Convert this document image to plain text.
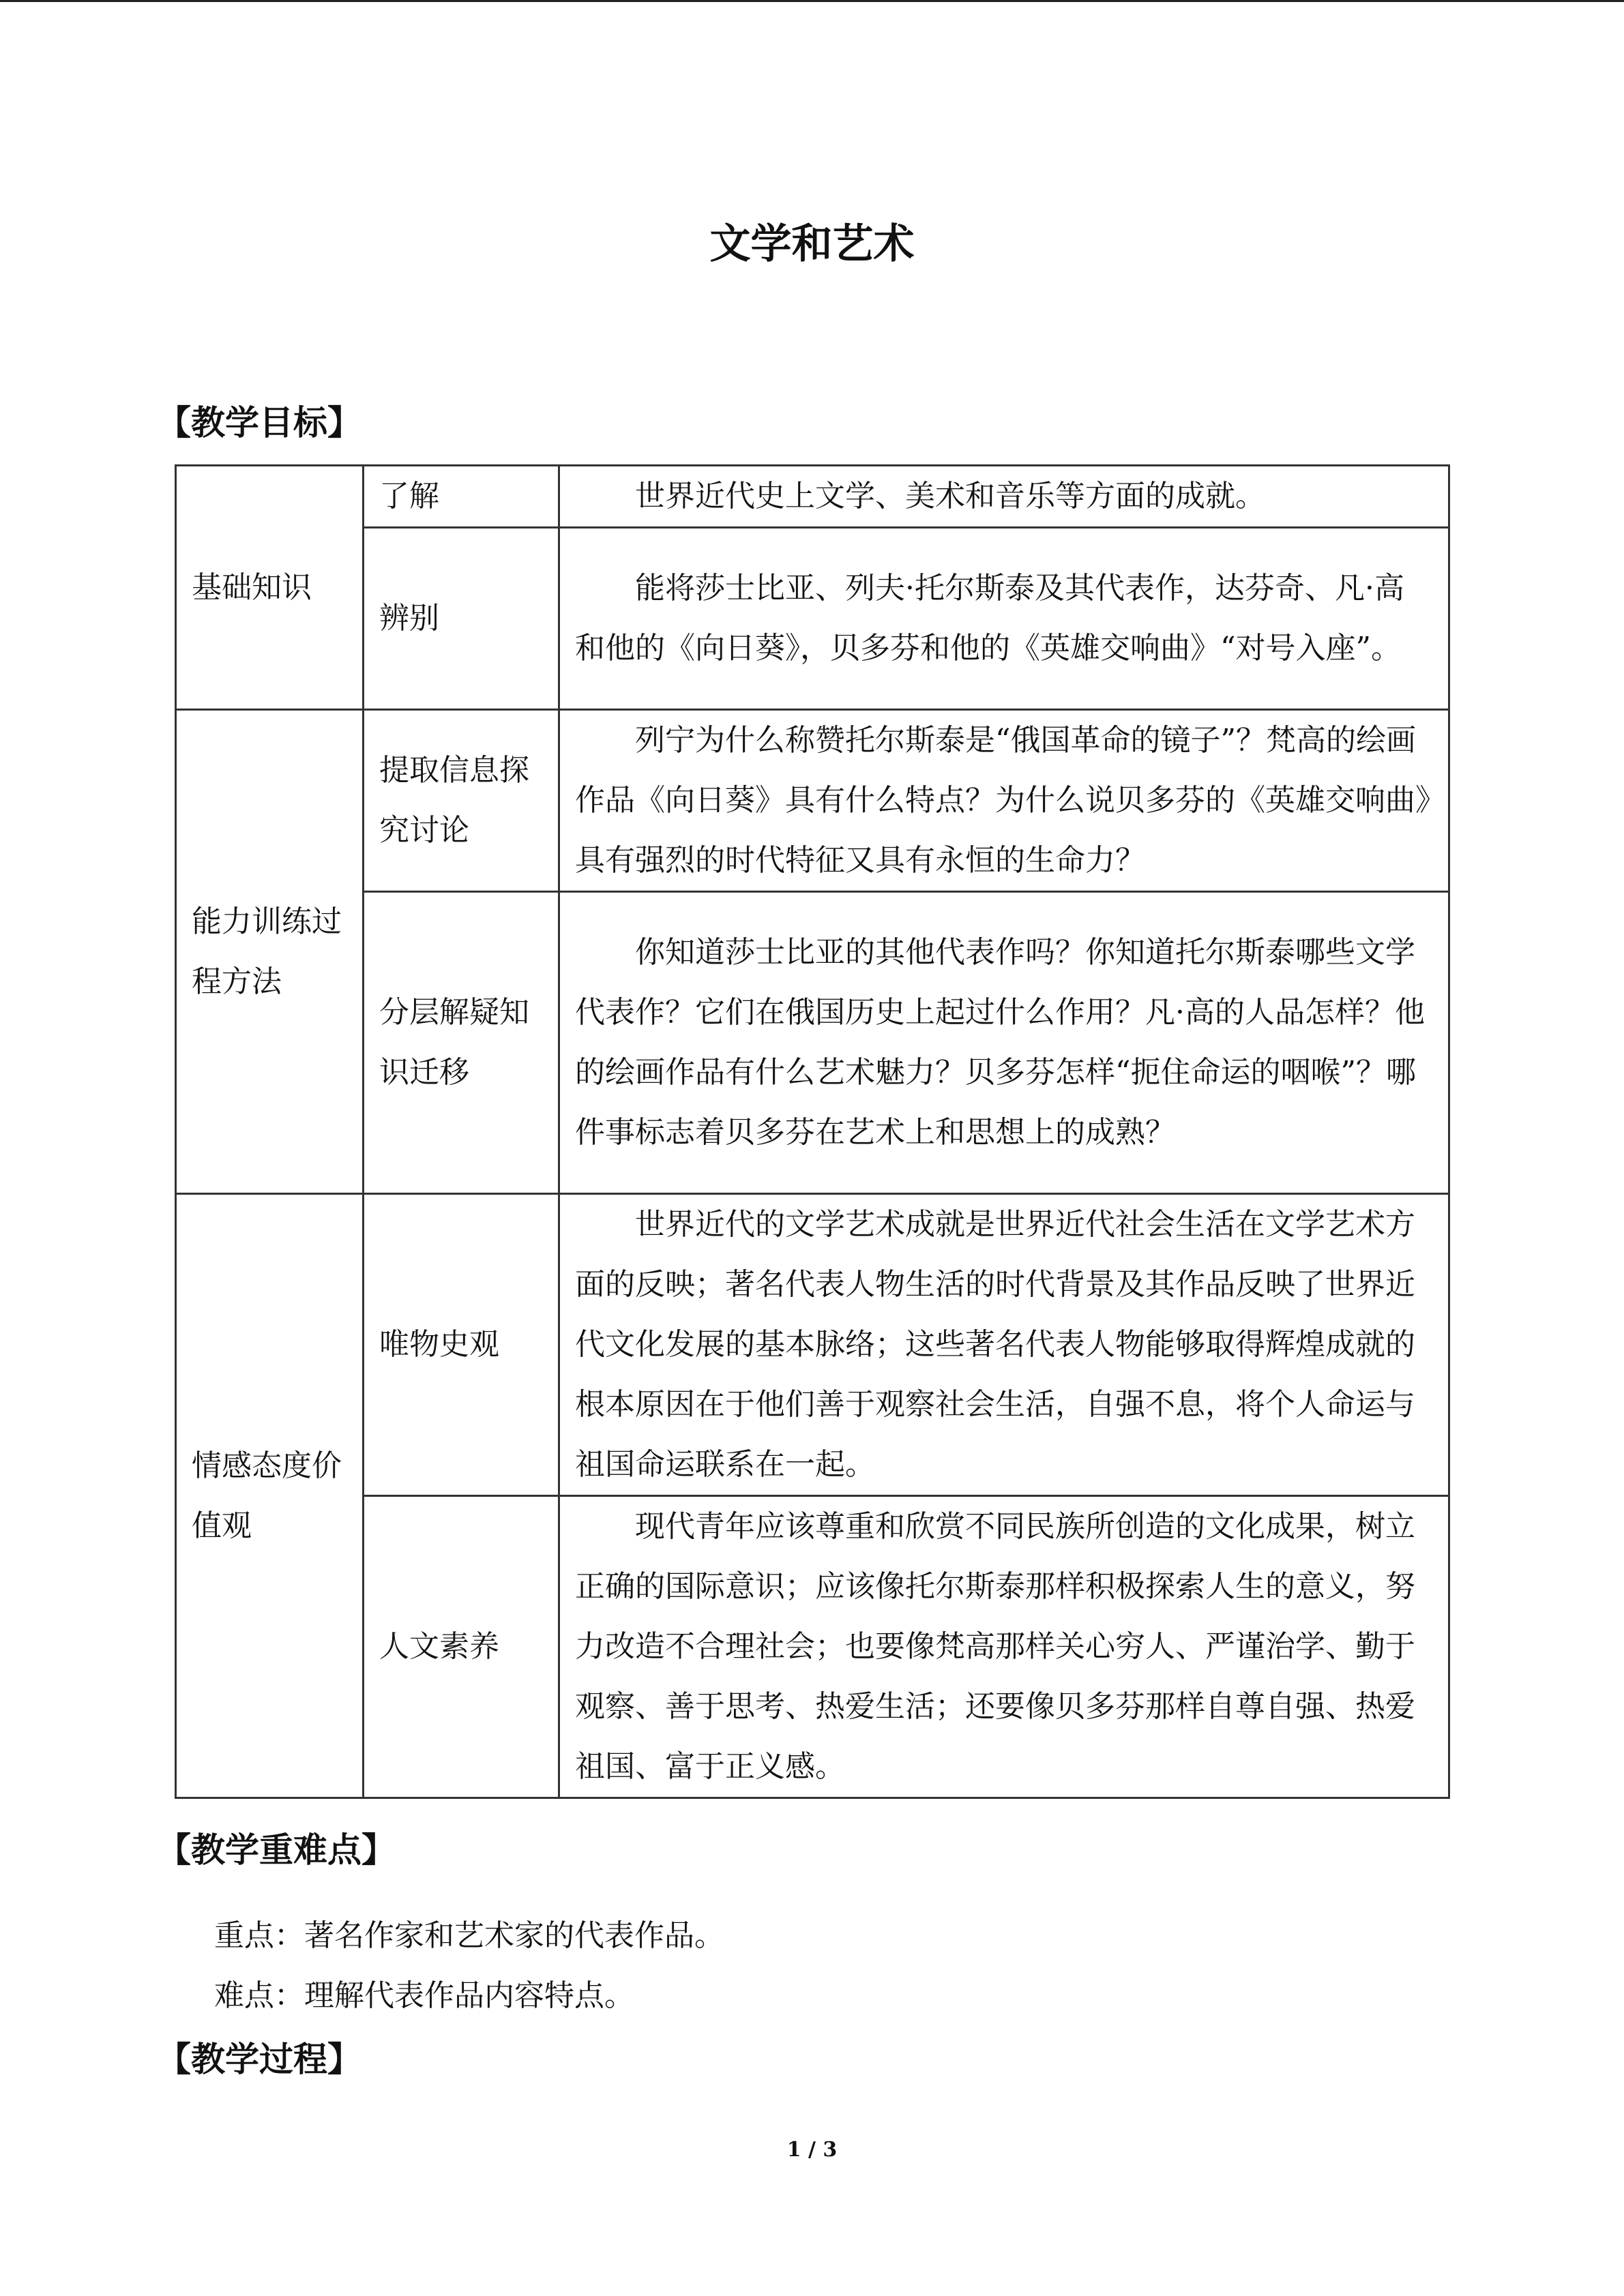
文学和艺术
【教学目标】
基础知识	了解	世界近代史上文学、美术和音乐等方面的成就。

	辨别	能将莎士比亚、列夫·托尔斯泰及其代表作，达芬奇、凡·高和他的《向日葵》，贝多芬和他的《英雄交响曲》“对号入座”。

能力训练过程方法	提取信息探究讨论	列宁为什么称赞托尔斯泰是“俄国革命的镜子”？梵高的绘画作品《向日葵》具有什么特点？为什么说贝多芬的《英雄交响曲》具有强烈的时代特征又具有永恒的生命力？

	分层解疑知识迁移	你知道莎士比亚的其他代表作吗？你知道托尔斯泰哪些文学代表作？它们在俄国历史上起过什么作用？凡·高的人品怎样？他的绘画作品有什么艺术魅力？贝多芬怎样“扼住命运的咽喉”？哪件事标志着贝多芬在艺术上和思想上的成熟？

情感态度价值观	唯物史观	世界近代的文学艺术成就是世界近代社会生活在文学艺术方面的反映；著名代表人物生活的时代背景及其作品反映了世界近代文化发展的基本脉络；这些著名代表人物能够取得辉煌成就的根本原因在于他们善于观察社会生活，自强不息，将个人命运与祖国命运联系在一起。

	人文素养	现代青年应该尊重和欣赏不同民族所创造的文化成果，树立正确的国际意识；应该像托尔斯泰那样积极探索人生的意义，努力改造不合理社会；也要像梵高那样关心穷人、严谨治学、勤于观察、善于思考、热爱生活；还要像贝多芬那样自尊自强、热爱祖国、富于正义感。
【教学重难点】
重点：著名作家和艺术家的代表作品。
难点：理解代表作品内容特点。
【教学过程】
1 / 3
